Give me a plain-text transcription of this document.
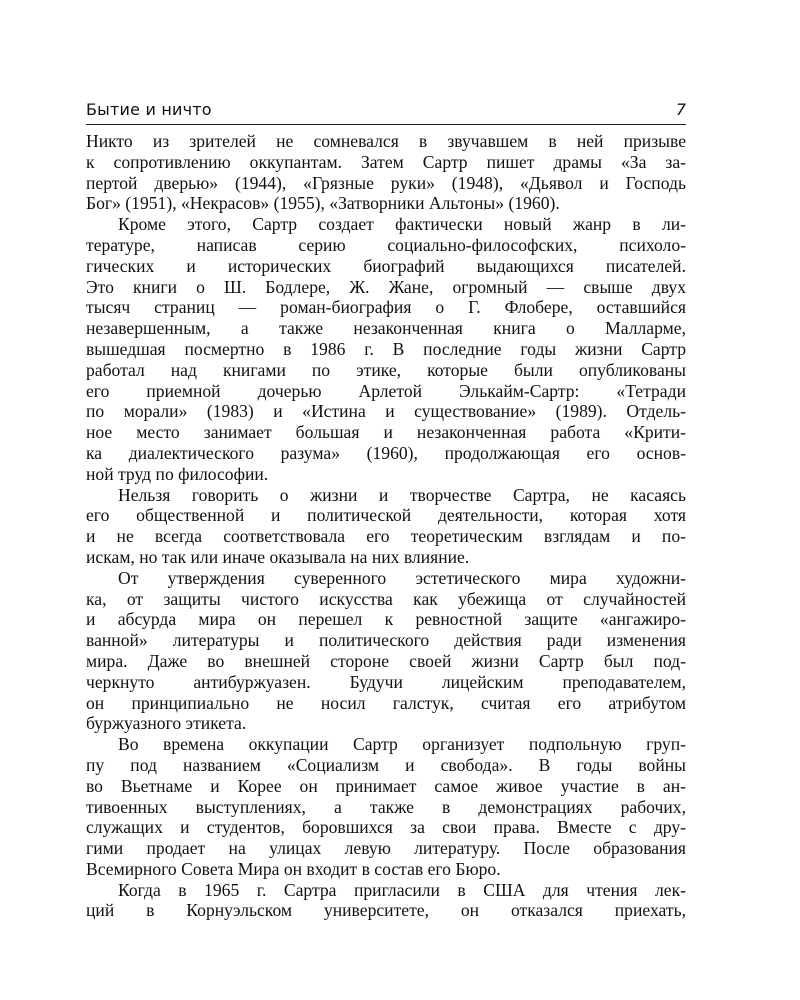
Бытие и ничто	7
Никто из зрителей не сомневался в звучавшем в ней призыве
к сопротивлению оккупантам. Затем Сартр пишет драмы «За за-
пертой дверью» (1944), «Грязные руки» (1948), «Дьявол и Господь
Бог» (1951), «Некрасов» (1955), «Затворники Альтоны» (1960).
Кроме этого, Сартр создает фактически новый жанр в ли-
тературе, написав серию социально-философских, психоло-
гических и исторических биографий выдающихся писателей.
Это книги о Ш. Бодлере, Ж. Жане, огромный — свыше двух
тысяч страниц — роман-биография о Г. Флобере, оставшийся
незавершенным, а также незаконченная книга о Малларме,
вышедшая посмертно в 1986 г. В последние годы жизни Сартр
работал над книгами по этике, которые были опубликованы
его приемной дочерью Арлетой Элькайм-Сартр: «Тетради
по морали» (1983) и «Истина и существование» (1989). Отдель-
ное место занимает большая и незаконченная работа «Крити-
ка диалектического разума» (1960), продолжающая его основ-
ной труд по философии.
Нельзя говорить о жизни и творчестве Сартра, не касаясь
его общественной и политической деятельности, которая хотя
и не всегда соответствовала его теоретическим взглядам и по-
искам, но так или иначе оказывала на них влияние.
От утверждения суверенного эстетического мира художни-
ка, от защиты чистого искусства как убежища от случайностей
и абсурда мира он перешел к ревностной защите «ангажиро-
ванной» литературы и политического действия ради изменения
мира. Даже во внешней стороне своей жизни Сартр был под-
черкнуто антибуржуазен. Будучи лицейским преподавателем,
он принципиально не носил галстук, считая его атрибутом
буржуазного этикета.
Во времена оккупации Сартр организует подпольную груп-
пу под названием «Социализм и свобода». В годы войны
во Вьетнаме и Корее он принимает самое живое участие в ан-
тивоенных выступлениях, а также в демонстрациях рабочих,
служащих и студентов, боровшихся за свои права. Вместе с дру-
гими продает на улицах левую литературу. После образования
Всемирного Совета Мира он входит в состав его Бюро.
Когда в 1965 г. Сартра пригласили в США для чтения лек-
ций в Корнуэльском университете, он отказался приехать,
